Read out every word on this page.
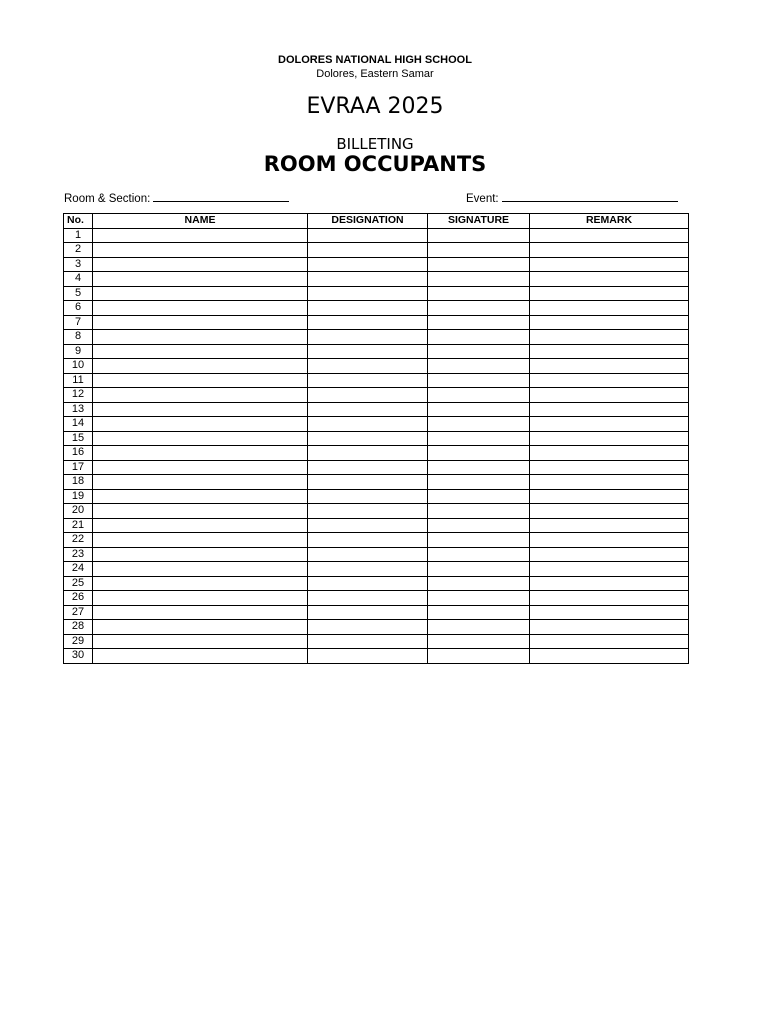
DOLORES NATIONAL HIGH SCHOOL
Dolores, Eastern Samar
EVRAA 2025
BILLETING
ROOM OCCUPANTS
Room & Section:	Event:
No.	NAME	DESIGNATION	SIGNATURE	REMARK
1				
2				
3				
4				
5				
6				
7				
8				
9				
10				
11				
12				
13				
14				
15				
16				
17				
18				
19				
20				
21				
22				
23				
24				
25				
26				
27				
28				
29				
30				
